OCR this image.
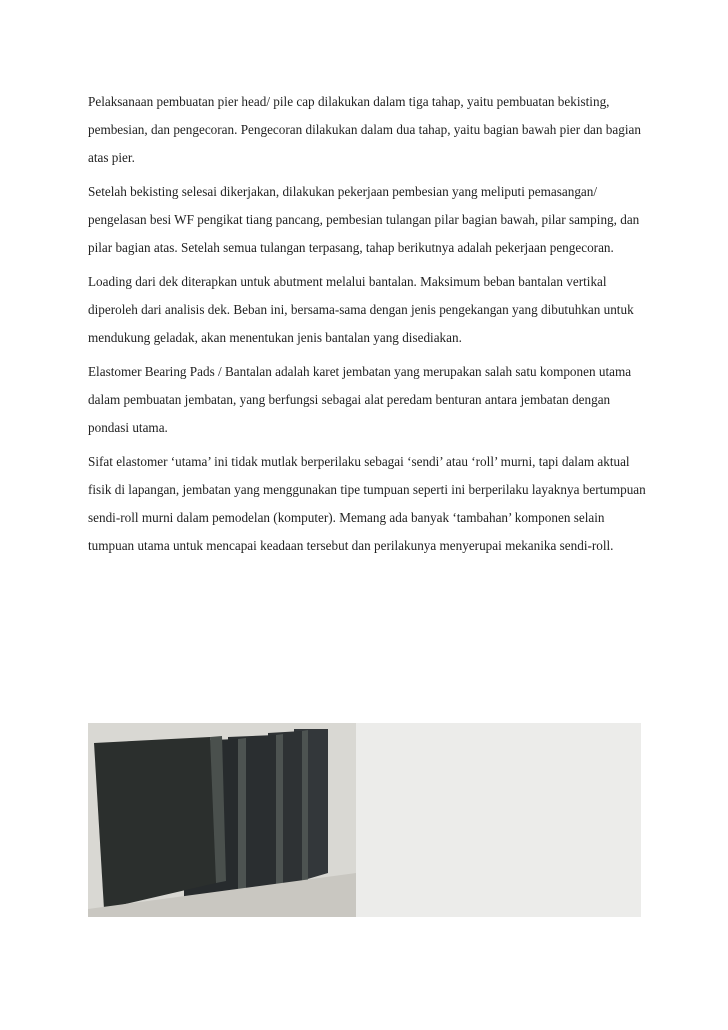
Pelaksanaan pembuatan pier head/ pile cap dilakukan dalam tiga tahap, yaitu pembuatan bekisting, pembesian, dan pengecoran. Pengecoran dilakukan dalam dua tahap, yaitu bagian bawah pier dan bagian atas pier.

Setelah bekisting selesai dikerjakan, dilakukan pekerjaan pembesian yang meliputi pemasangan/ pengelasan besi WF pengikat tiang pancang, pembesian tulangan pilar bagian bawah, pilar samping, dan pilar bagian atas. Setelah semua tulangan terpasang, tahap berikutnya adalah pekerjaan pengecoran.

Loading dari dek diterapkan untuk abutment melalui bantalan. Maksimum beban bantalan vertikal diperoleh dari analisis dek. Beban ini, bersama-sama dengan jenis pengekangan yang dibutuhkan untuk mendukung geladak, akan menentukan jenis bantalan yang disediakan.

Elastomer Bearing Pads / Bantalan adalah karet jembatan yang merupakan salah satu komponen utama dalam pembuatan jembatan, yang berfungsi sebagai alat peredam benturan antara jembatan dengan pondasi utama.

Sifat elastomer ‘utama’ ini tidak mutlak berperilaku sebagai ‘sendi’ atau ‘roll’ murni, tapi dalam aktual fisik di lapangan, jembatan yang menggunakan tipe tumpuan seperti ini berperilaku layaknya bertumpuan sendi-roll murni dalam pemodelan (komputer). Memang ada banyak ‘tambahan’ komponen selain tumpuan utama untuk mencapai keadaan tersebut dan perilakunya menyerupai mekanika sendi-roll.
